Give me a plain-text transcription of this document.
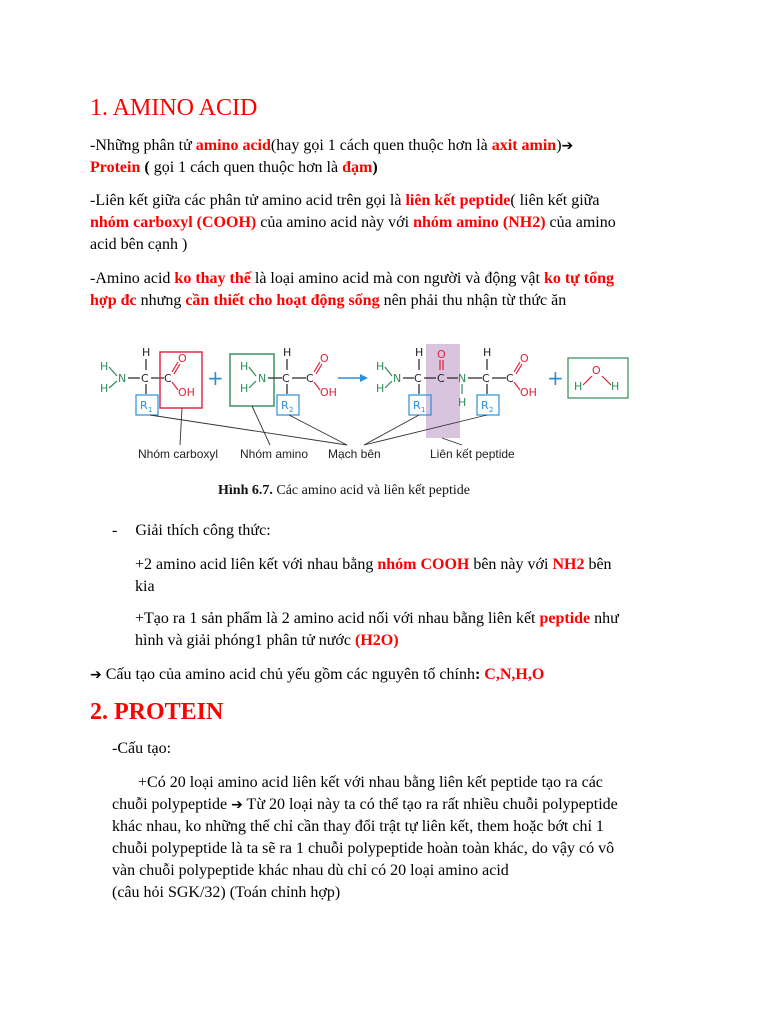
1. AMINO ACID
-Những phân tử amino acid(hay gọi 1 cách quen thuộc hơn là axit amin)➔
Protein ( gọi 1 cách quen thuộc hơn là đạm)
-Liên kết giữa các phân tử amino acid trên gọi là liên kết peptide( liên kết giữa
nhóm carboxyl (COOH) của amino acid này với nhóm amino (NH2) của amino
acid bên cạnh )
-Amino acid ko thay thế là loại amino acid mà con người và động vật ko tự tổng
hợp đc nhưng cần thiết cho hoạt động sống nên phải thu nhận từ thức ăn
H
H
N C
H
R 1
C
O
OH
+ H
H
N C
H
R 2
C
O
OH
H
H
N C
H
R 1
C
O
N
H
C
H
R 2
C
O
OH
+ H
O
H
Nhóm carboxyl Nhóm amino Mạch bên	Liên kết peptide
Hình 6.7. Các amino acid và liên kết peptide
- Giải thích công thức:
+2 amino acid liên kết với nhau bằng nhóm COOH bên này với NH2 bên
kia
+Tạo ra 1 sản phẩm là 2 amino acid nối với nhau bằng liên kết peptide như
hình và giải phóng1 phân tử nước (H2O)
➔ Cấu tạo của amino acid chủ yếu gồm các nguyên tố chính: C,N,H,O
2. PROTEIN
-Cấu tạo:
+Có 20 loại amino acid liên kết với nhau bằng liên kết peptide tạo ra các
chuỗi polypeptide ➔ Từ 20 loại này ta có thể tạo ra rất nhiều chuỗi polypeptide
khác nhau, ko những thế chỉ cần thay đổi trật tự liên kết, them hoặc bớt chỉ 1
chuỗi polypeptide là ta sẽ ra 1 chuỗi polypeptide hoàn toàn khác, do vậy có vô
vàn chuỗi polypeptide khác nhau dù chỉ có 20 loại amino acid
(câu hỏi SGK/32) (Toán chỉnh hợp)
